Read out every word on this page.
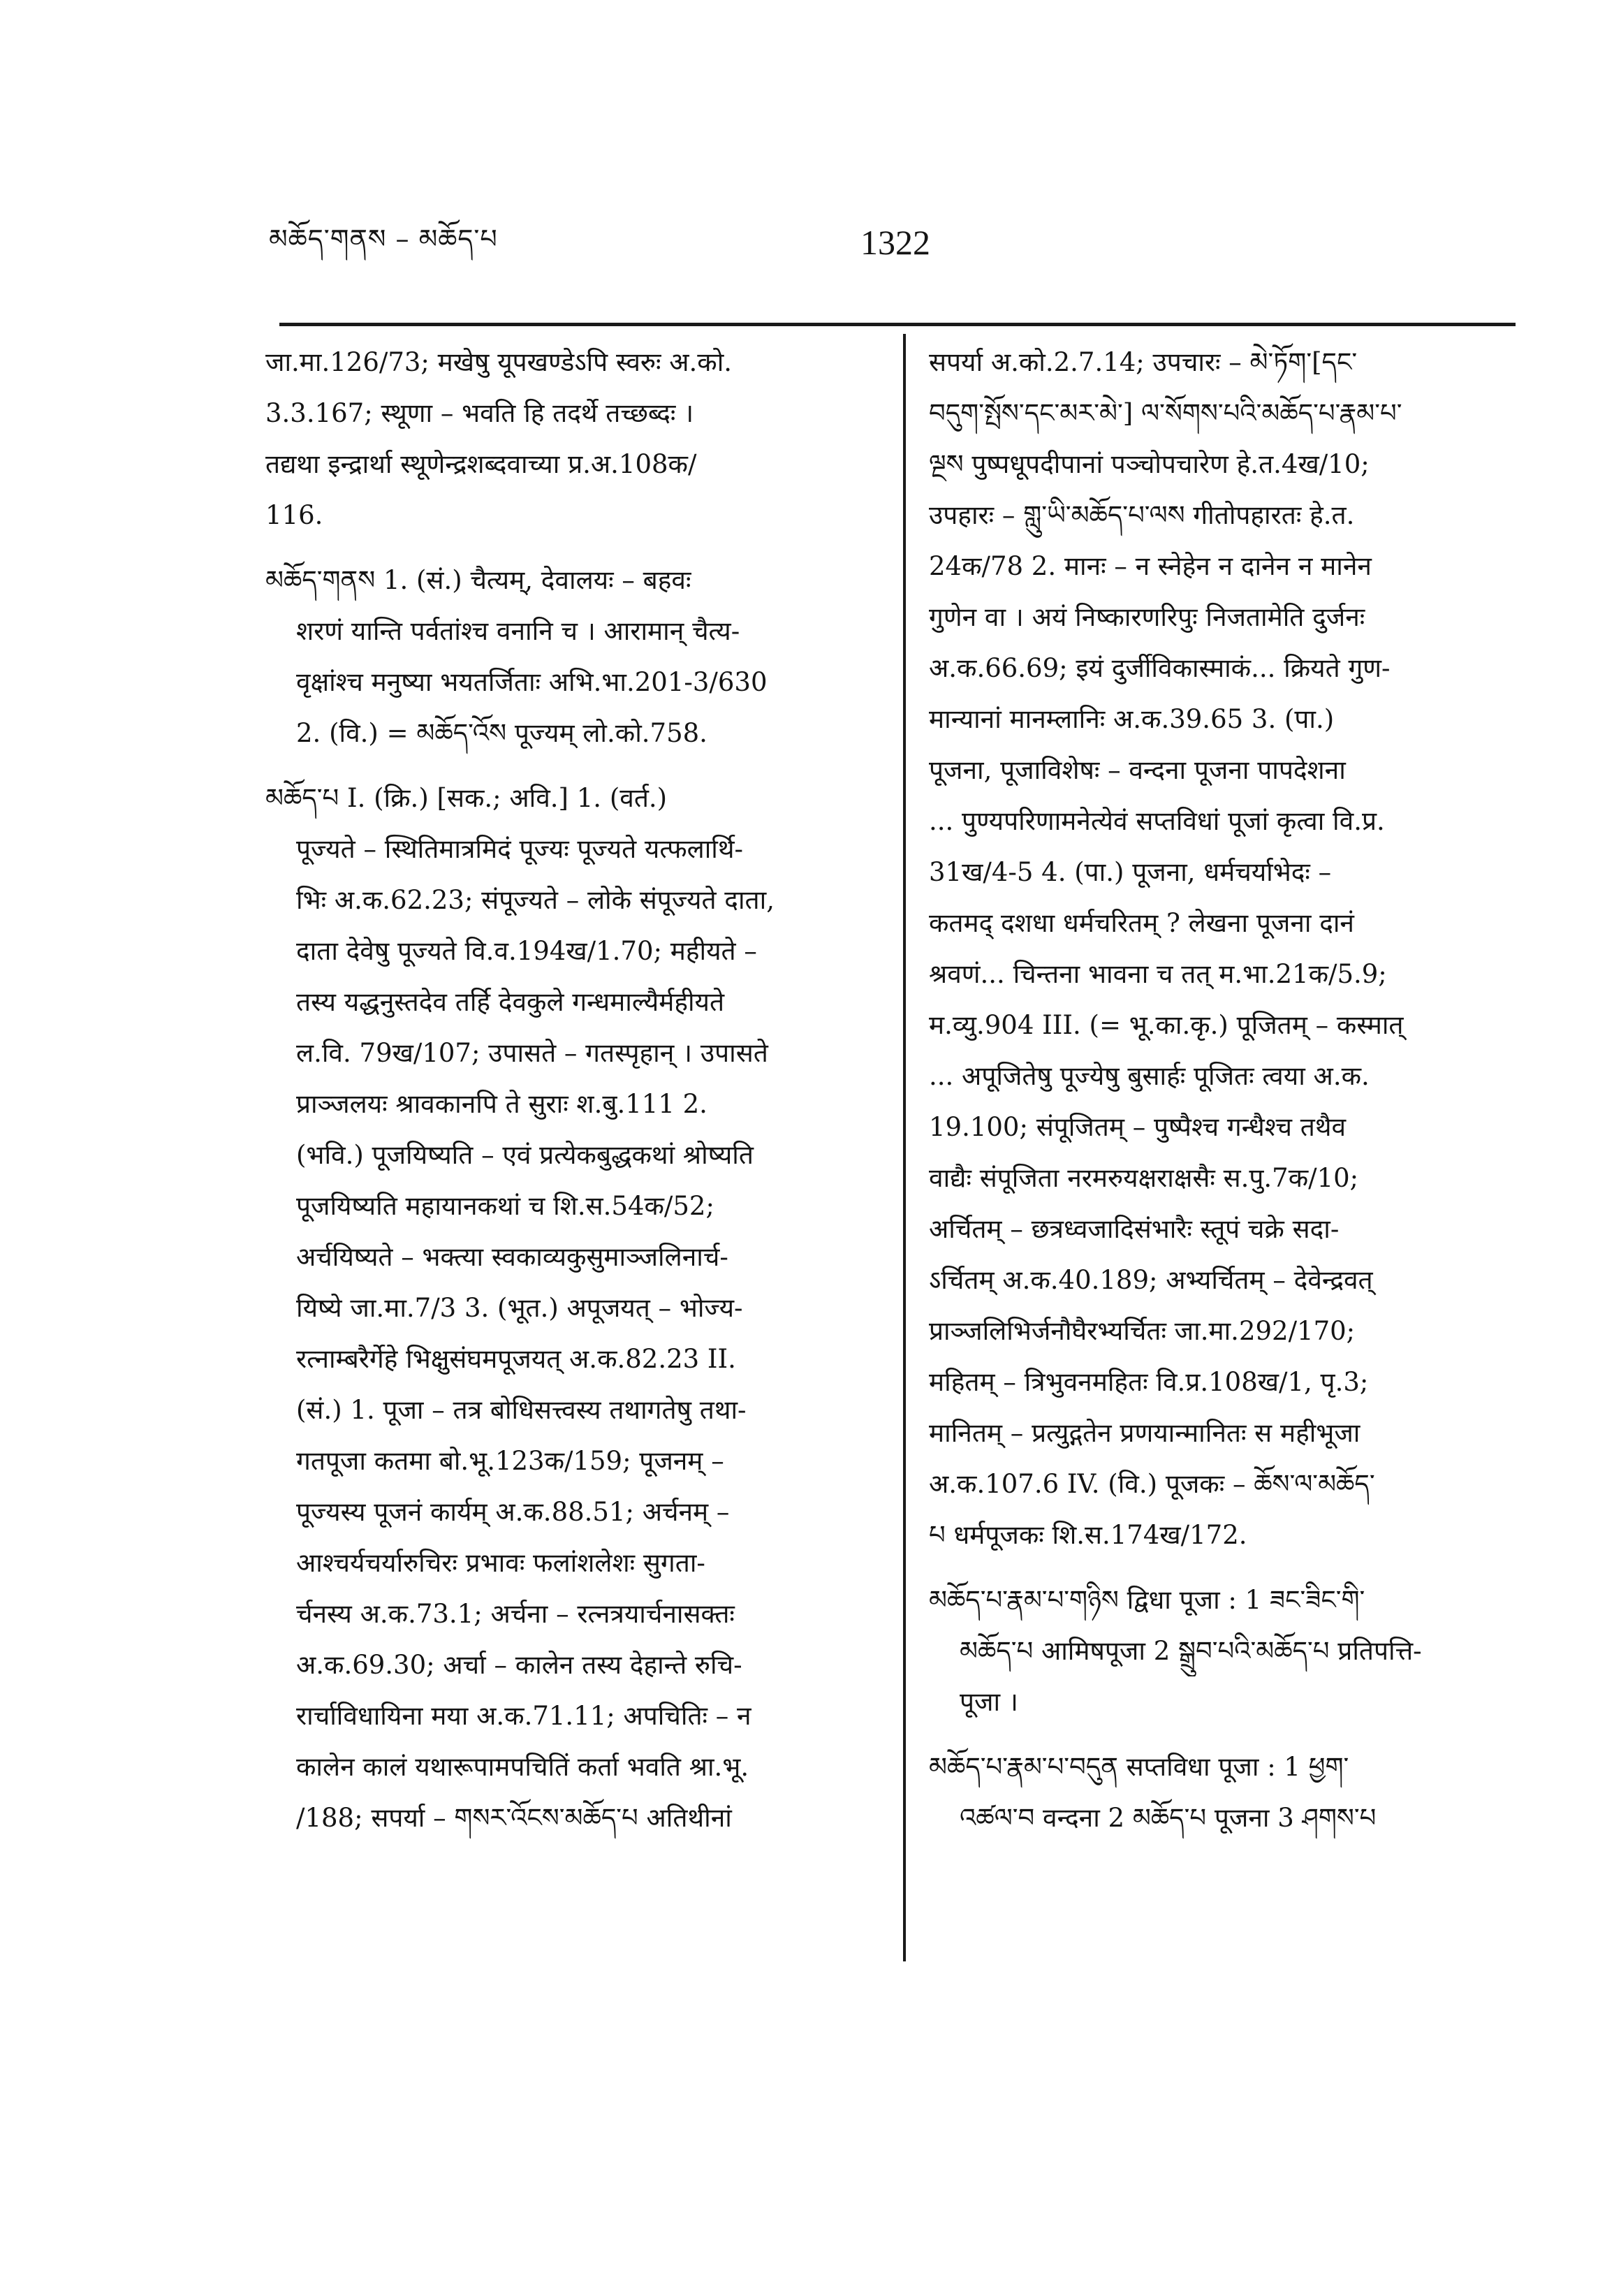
མཆོད་གནས – མཆོད་པ	1322
जा.मा.126/73; मखेषु यूपखण्डेऽपि स्वरुः अ.को.
3.3.167; स्थूणा – भवति हि तदर्थे तच्छब्दः ।
तद्यथा इन्द्रार्था स्थूणेन्द्रशब्दवाच्या प्र.अ.108क/
116.
མཆོད་གནས 1. (सं.) चैत्यम्, देवालयः – बहवः
शरणं यान्ति पर्वतांश्च वनानि च । आरामान् चैत्य-
वृक्षांश्च मनुष्या भयतर्जिताः अभि.भा.201-3/630
2. (वि.) = མཆོད་འོས पूज्यम् लो.को.758.
མཆོད་པ I. (क्रि.) [सक.; अवि.] 1. (वर्त.)
पूज्यते – स्थितिमात्रमिदं पूज्यः पूज्यते यत्फलार्थि-
भिः अ.क.62.23; संपूज्यते – लोके संपूज्यते दाता,
दाता देवेषु पूज्यते वि.व.194ख/1.70; महीयते –
तस्य यद्धनुस्तदेव तर्हि देवकुले गन्धमाल्यैर्महीयते
ल.वि. 79ख/107; उपासते – गतस्पृहान् । उपासते
प्राञ्जलयः श्रावकानपि ते सुराः श.बु.111 2.
(भवि.) पूजयिष्यति – एवं प्रत्येकबुद्धकथां श्रोष्यति
पूजयिष्यति महायानकथां च शि.स.54क/52;
अर्चयिष्यते – भक्त्या स्वकाव्यकुसुमाञ्जलिनार्च-
यिष्ये जा.मा.7/3 3. (भूत.) अपूजयत् – भोज्य-
रत्नाम्बरैर्गेहे भिक्षुसंघमपूजयत् अ.क.82.23 II.
(सं.) 1. पूजा – तत्र बोधिसत्त्वस्य तथागतेषु तथा-
गतपूजा कतमा बो.भू.123क/159; पूजनम् –
पूज्यस्य पूजनं कार्यम् अ.क.88.51; अर्चनम् –
आश्चर्यचर्यारुचिरः प्रभावः फलांशलेशः सुगता-
र्चनस्य अ.क.73.1; अर्चना – रत्नत्रयार्चनासक्तः
अ.क.69.30; अर्चा – कालेन तस्य देहान्ते रुचि-
रार्चाविधायिना मया अ.क.71.11; अपचितिः – न
कालेन कालं यथारूपामपचितिं कर्ता भवति श्रा.भू.
/188; सपर्या – གསར་འོངས་མཆོད་པ अतिथीनां
सपर्या अ.को.2.7.14; उपचारः – མེ་ཏོག་[དང་
བདུག་སྤོས་དང་མར་མེ་] ལ་སོགས་པའི་མཆོད་པ་རྣམ་པ་
ལྔས पुष्पधूपदीपानां पञ्चोपचारेण हे.त.4ख/10;
उपहारः – གླུ་ཡི་མཆོད་པ་ལས गीतोपहारतः हे.त.
24क/78 2. मानः – न स्नेहेन न दानेन न मानेन
गुणेन वा । अयं निष्कारणरिपुः निजतामेति दुर्जनः
अ.क.66.69; इयं दुर्जीविकास्माकं... क्रियते गुण-
मान्यानां मानम्लानिः अ.क.39.65 3. (पा.)
पूजना, पूजाविशेषः – वन्दना पूजना पापदेशना
... पुण्यपरिणामनेत्येवं सप्तविधां पूजां कृत्वा वि.प्र.
31ख/4-5 4. (पा.) पूजना, धर्मचर्याभेदः –
कतमद् दशधा धर्मचरितम् ? लेखना पूजना दानं
श्रवणं... चिन्तना भावना च तत् म.भा.21क/5.9;
म.व्यु.904 III. (= भू.का.कृ.) पूजितम् – कस्मात्
... अपूजितेषु पूज्येषु बुसार्हः पूजितः त्वया अ.क.
19.100; संपूजितम् – पुष्पैश्च गन्धैश्च तथैव
वाद्यैः संपूजिता नरमरुयक्षराक्षसैः स.पु.7क/10;
अर्चितम् – छत्रध्वजादिसंभारैः स्तूपं चक्रे सदा-
ऽर्चितम् अ.क.40.189; अभ्यर्चितम् – देवेन्द्रवत्
प्राञ्जलिभिर्जनौघैरभ्यर्चितः जा.मा.292/170;
महितम् – त्रिभुवनमहितः वि.प्र.108ख/1, पृ.3;
मानितम् – प्रत्युद्गतेन प्रणयान्मानितः स महीभूजा
अ.क.107.6 IV. (वि.) पूजकः – ཆོས་ལ་མཆོད་
པ धर्मपूजकः शि.स.174ख/172.
མཆོད་པ་རྣམ་པ་གཉིས द्विधा पूजा : 1 ཟང་ཟིང་གི་
མཆོད་པ आमिषपूजा 2 སྒྲུབ་པའི་མཆོད་པ प्रतिपत्ति-
पूजा ।
མཆོད་པ་རྣམ་པ་བདུན सप्तविधा पूजा : 1 ཕྱག་
འཚལ་བ वन्दना 2 མཆོད་པ पूजना 3 ཤགས་པ
